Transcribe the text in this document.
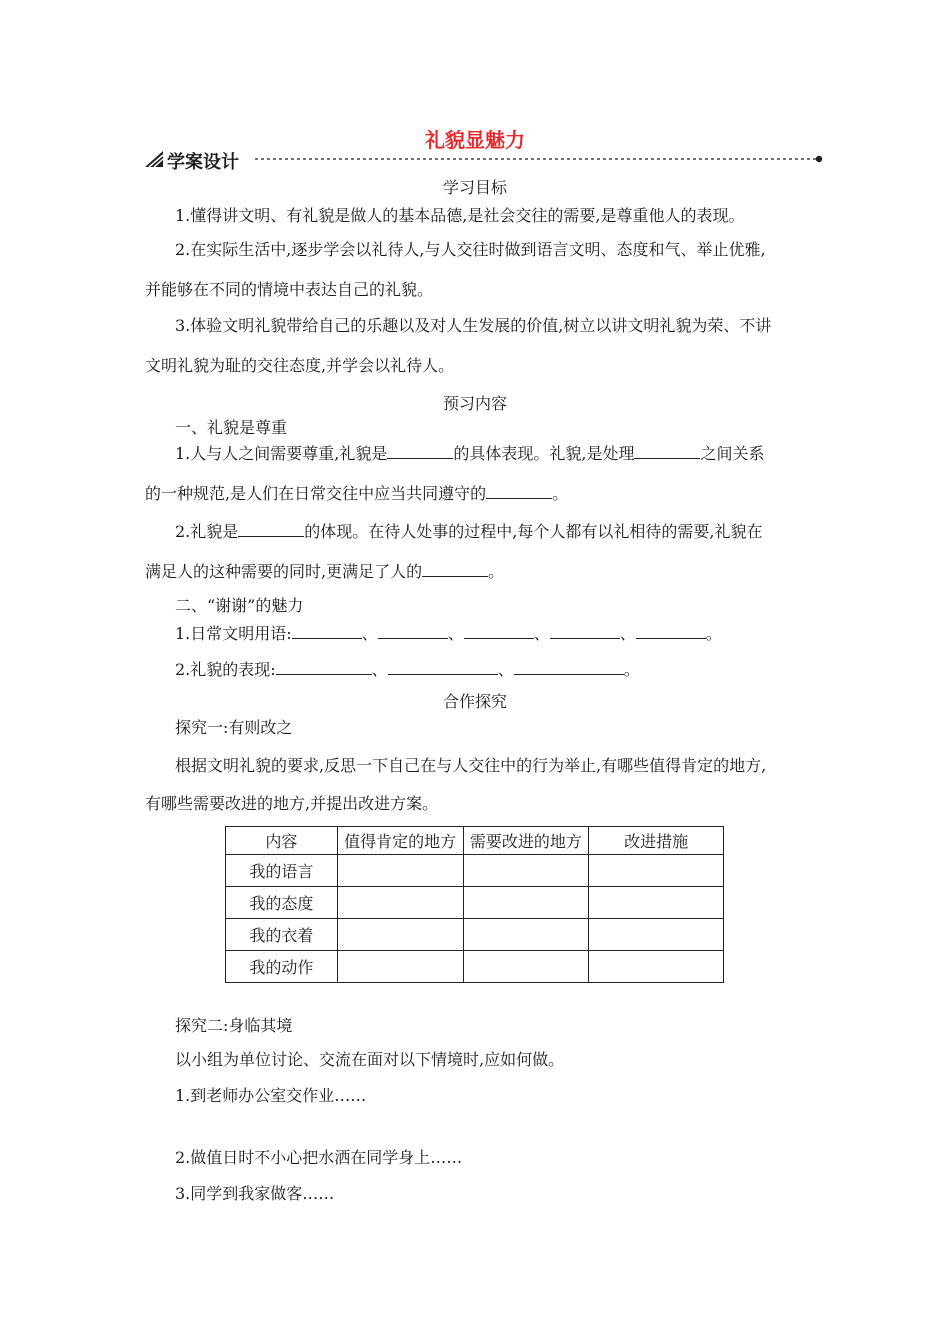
礼貌显魅力
学案设计
学习目标
1.懂得讲文明、有礼貌是做人的基本品德,是社会交往的需要,是尊重他人的表现。
2.在实际生活中,逐步学会以礼待人,与人交往时做到语言文明、态度和气、举止优雅,
并能够在不同的情境中表达自己的礼貌。
3.体验文明礼貌带给自己的乐趣以及对人生发展的价值,树立以讲文明礼貌为荣、不讲
文明礼貌为耻的交往态度,并学会以礼待人。
预习内容
一、礼貌是尊重
1.人与人之间需要尊重,礼貌是	的具体表现。礼貌,是处理	之间关系
的一种规范,是人们在日常交往中应当共同遵守的	。
2.礼貌是	的体现。在待人处事的过程中,每个人都有以礼相待的需要,礼貌在
满足人的这种需要的同时,更满足了人的	。
二、“谢谢”的魅力
1.日常文明用语:	、	、	、	、	。
2.礼貌的表现:	、	、	。
合作探究
探究一:有则改之
根据文明礼貌的要求,反思一下自己在与人交往中的行为举止,有哪些值得肯定的地方,
有哪些需要改进的地方,并提出改进方案。
内容	值得肯定的地方	需要改进的地方	改进措施
我的语言			
我的态度			
我的衣着			
我的动作			
探究二:身临其境
以小组为单位讨论、交流在面对以下情境时,应如何做。
1.到老师办公室交作业……
2.做值日时不小心把水洒在同学身上……
3.同学到我家做客……
